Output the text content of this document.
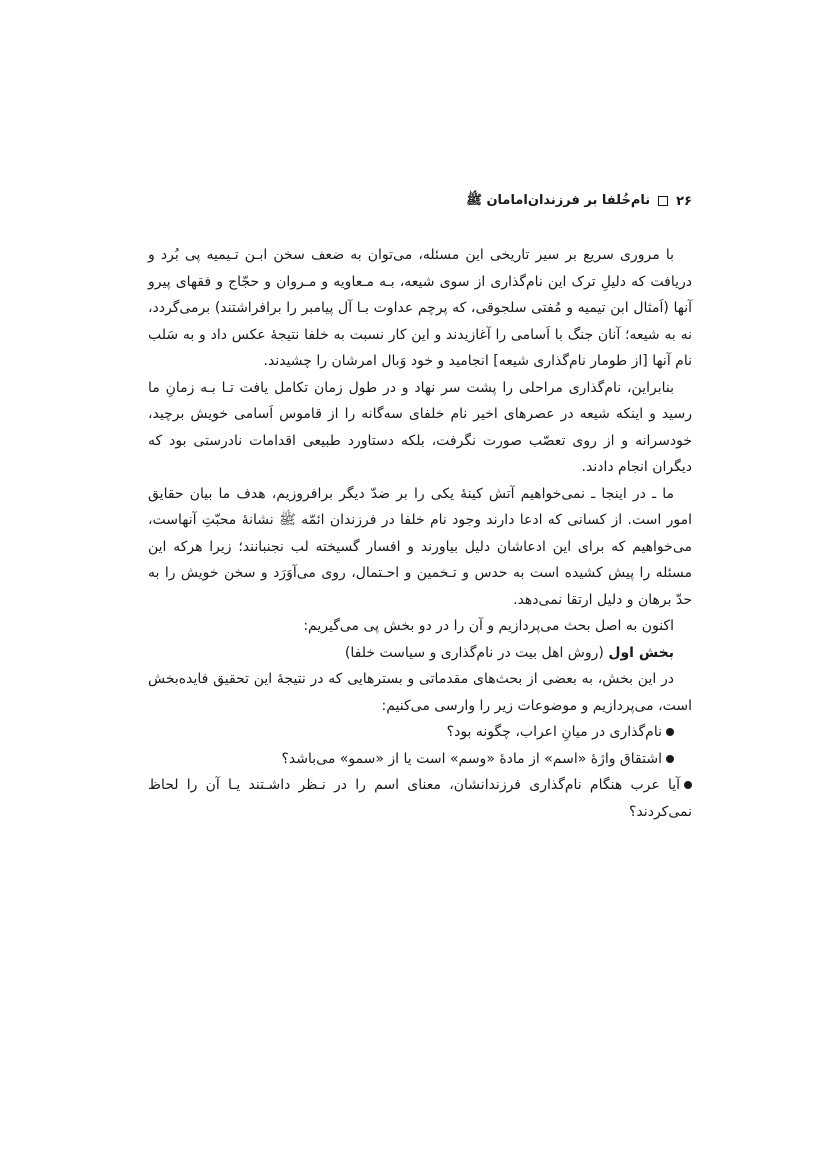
۲۶
نام‌خُلفا بر فرزندان‌امامان ﷺ

با مروری سریع بر سیر تاریخی این مسئله، می‌توان به ضعف سخن ابـن تـیمیه پی بُرد و دریافت که دلیلِ ترک این نام‌گذاری از سوی شیعه، بـه مـعاویه و مـروان و حجّاج و فقهای پیرو آنها (اَمثال ابن تیمیه و مُفتی سلجوقی، که پرچم عداوت بـا آل پیامبر را برافراشتند) برمی‌گردد، نه به شیعه؛ آنان جنگ با اَسامی را آغازیدند و این کار نسبت به خلفا نتیجهٔ عکس داد و به سَلب نام آنها [از طومار نام‌گذاری شیعه] انجامید و خود وَبال امرشان را چشیدند.

بنابراین، نام‌گذاری مراحلی را پشت سر نهاد و در طول زمان تکامل یافت تـا بـه زمانِ ما رسید و اینکه شیعه در عصرهای اخیر نام خلفای سه‌گانه را از قاموس اَسامی خویش برچید، خودسرانه و از روی تعصّب صورت نگرفت، بلکه دستاورد طبیعی اقدامات نادرستی بود که دیگران انجام دادند.

ما ـ در اینجا ـ نمی‌خواهیم آتش کینهٔ یکی را بر ضدّ دیگر برافروزیم، هدف ما بیان حقایق امور است. از کسانی که ادعا دارند وجود نام خلفا در فرزندان ائمّه ﷺ نشانهٔ محبّتِ آنهاست، می‌خواهیم که برای این ادعاشان دلیل بیاورند و افسار گسیخته لب نجنبانند؛ زیرا هرکه این مسئله را پیش کشیده است به حدس و تـخمین و احـتمال، روی می‌آوَرَد و سخن خویش را به حدّ برهان و دلیل ارتقا نمی‌دهد.

اکنون به اصل بحث می‌پردازیم و آن را در دو بخش پی می‌گیریم:

بخش اول (روش اهل بیت در نام‌گذاری و سیاست خلفا)

در این بخش، به بعضی از بحث‌های مقدماتی و بسترهایی که در نتیجهٔ این تحقیق فایده‌بخش است، می‌پردازیم و موضوعات زیر را وارسی می‌کنیم:

نام‌گذاری در میانِ اعراب، چگونه بود؟
اشتقاق واژهٔ «اسم» از مادهٔ «وسم» است یا از «سمو» می‌باشد؟
آیا عرب هنگام نام‌گذاری فرزندانشان، معنای اسم را در نـظر داشـتند یـا آن را لحاظ نمی‌کردند؟
